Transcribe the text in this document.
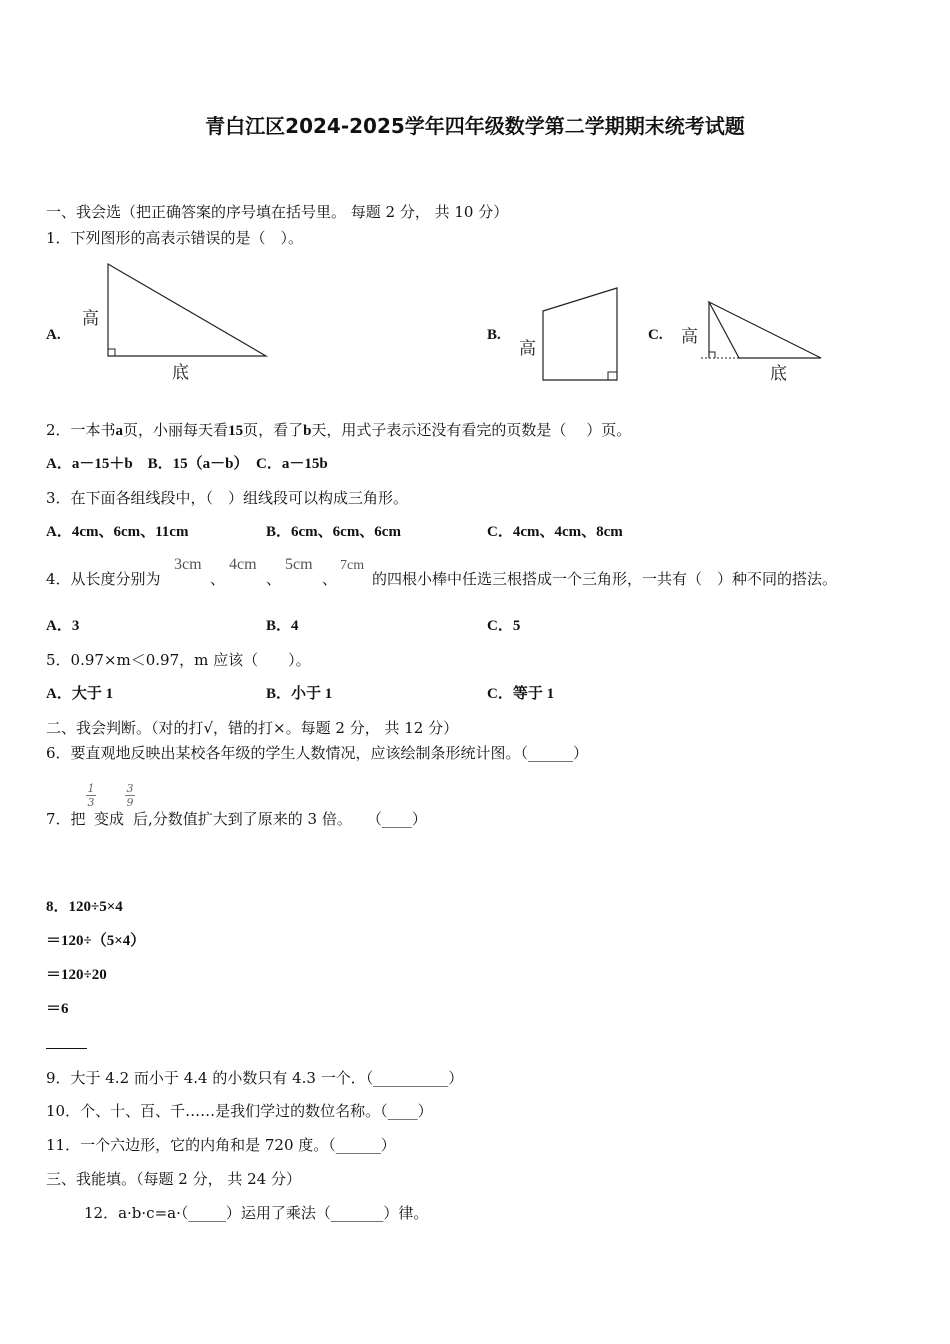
青白江区2024-2025学年四年级数学第二学期期末统考试题
一、我会选（把正确答案的序号填在括号里。 每题 2 分， 共 10 分）
1．下列图形的高表示错误的是（　）。
A.
高
底
B.
高
C. 高
底
2．一本书a页，小丽每天看15页，看了b天，用式子表示还没有看完的页数是（　 ）页。
A．a－15＋b　B．15（a－b）　C．a－15b
3．在下面各组线段中，（　）组线段可以构成三角形。
A．4cm、6cm、11cm	B．6cm、6cm、6cm	C．4cm、4cm、8cm
4．从长度分别为
3cm
、
4cm
、
5cm
、
7cm
的四根小棒中任选三根搭成一个三角形，一共有（　）种不同的搭法。
A．3	B．4	C．5
5．0.97×m＜0.97，m 应该（　　）。
A．大于 1	B．小于 1	C．等于 1
二、我会判断。（对的打√，错的打×。每题 2 分， 共 12 分）
6．要直观地反映出某校各年级的学生人数情况，应该绘制条形统计图。（______）
7．把
1
3
变成
3
9
后,分数值扩大到了原来的 3 倍。　　（____）
8．120÷5×4
＝120÷（5×4）
＝120÷20
＝6
9．大于 4.2 而小于 4.4 的小数只有 4.3 一个．（__________）
10．个、十、百、千……是我们学过的数位名称。（____）
11．一个六边形，它的内角和是 720 度。（______）
三、我能填。（每题 2 分， 共 24 分）
12．a·b·c=a·（_____）运用了乘法（_______）律。
